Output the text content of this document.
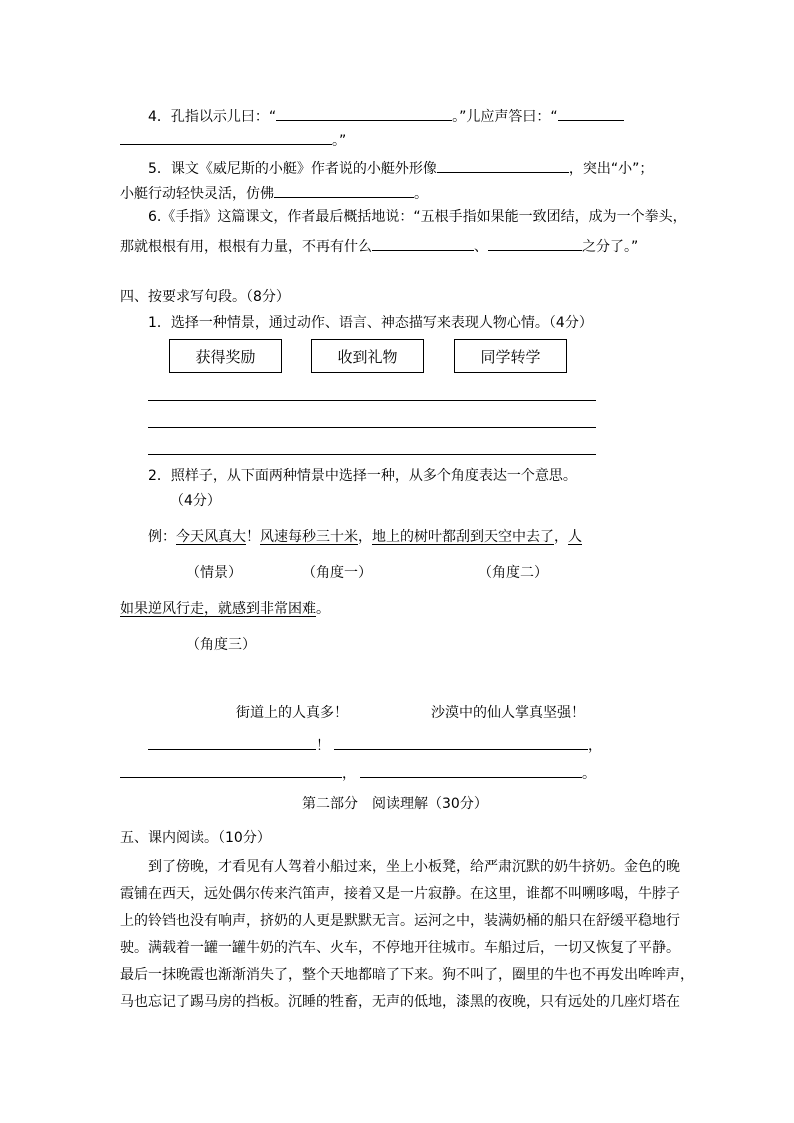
4．孔指以示儿曰：“	。”儿应声答曰：“
。”
5．课文《威尼斯的小艇》作者说的小艇外形像	，突出“小”；
小艇行动轻快灵活，仿佛	。
6.《手指》这篇课文，作者最后概括地说：“五根手指如果能一致团结，成为一个拳头，
那就根根有用，根根有力量，不再有什么	、	之分了。”
四、按要求写句段。（8分）
1．选择一种情景，通过动作、语言、神态描写来表现人物心情。（4分）
获得奖励	收到礼物	同学转学
2．照样子，从下面两种情景中选择一种，从多个角度表达一个意思。
（4分）
例：今天风真大！风速每秒三十米，地上的树叶都刮到天空中去了，人
（情景）	（角度一）	（角度二）
如果逆风行走，就感到非常困难。
（角度三）
街道上的人真多！	沙漠中的仙人掌真坚强！
！	，
，	。
第二部分　阅读理解（30分）
五、课内阅读。（10分）
到了傍晚，才看见有人驾着小船过来，坐上小板凳，给严肃沉默的奶牛挤奶。金色的晚
霞铺在西天，远处偶尔传来汽笛声，接着又是一片寂静。在这里，谁都不叫嗍哆喝，牛脖子
上的铃铛也没有响声，挤奶的人更是默默无言。运河之中，装满奶桶的船只在舒缓平稳地行
驶。满载着一罐一罐牛奶的汽车、火车，不停地开往城市。车船过后，一切又恢复了平静。
最后一抹晚霞也渐渐消失了，整个天地都暗了下来。狗不叫了，圈里的牛也不再发出哞哞声，
马也忘记了踢马房的挡板。沉睡的牲畜，无声的低地，漆黑的夜晚，只有远处的几座灯塔在
